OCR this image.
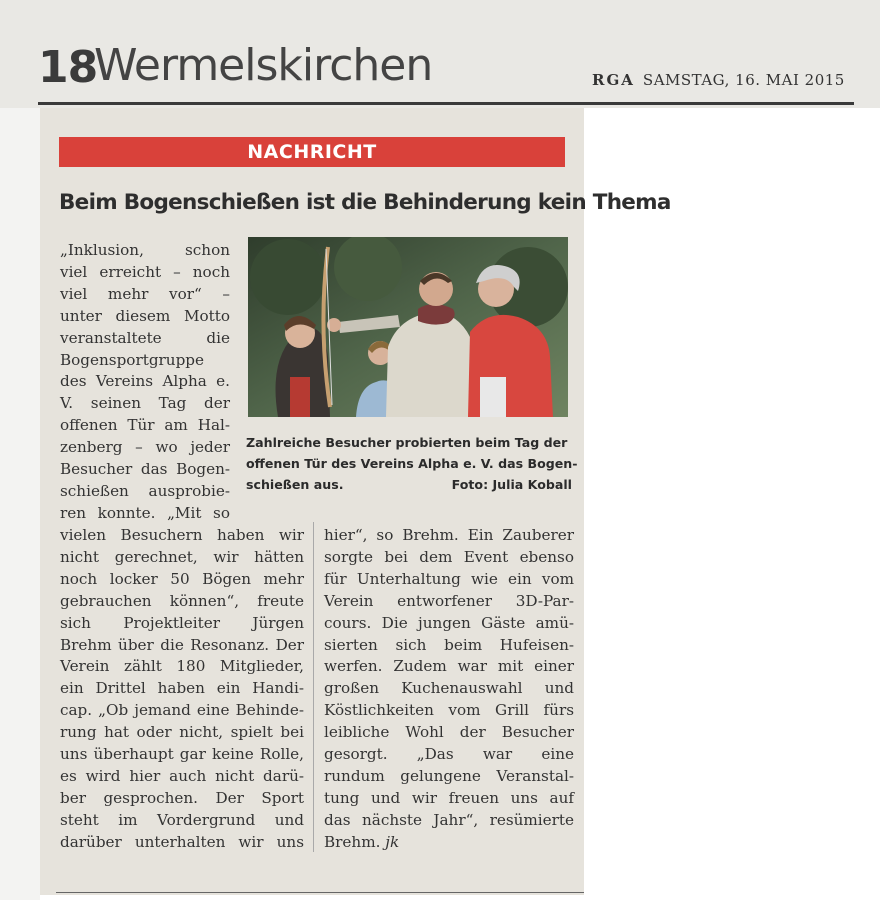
18
Wermelskirchen	RGA SAMSTAG, 16. MAI 2015
NACHRICHT
Beim Bogenschießen ist die Behinderung kein Thema
„Inklusion, schon
viel erreicht – noch
viel mehr vor“ –
unter diesem Motto
veranstaltete die
Bogensportgruppe
des Vereins Alpha e.
V. seinen Tag der
offenen Tür am Hal-
zenberg – wo jeder
Besucher das Bogen-
schießen ausprobie-
ren konnte. „Mit so
Zahlreiche Besucher probierten beim Tag der
offenen Tür des Vereins Alpha e. V. das Bogen-
schießen aus.	Foto: Julia Koball
vielen Besuchern haben wir
nicht gerechnet, wir hätten
noch locker 50 Bögen mehr
gebrauchen können“, freute
sich Projektleiter Jürgen
Brehm über die Resonanz. Der
Verein zählt 180 Mitglieder,
ein Drittel haben ein Handi-
cap. „Ob jemand eine Behinde-
rung hat oder nicht, spielt bei
uns überhaupt gar keine Rolle,
es wird hier auch nicht darü-
ber gesprochen. Der Sport
steht im Vordergrund und
darüber unterhalten wir uns
hier“, so Brehm. Ein Zauberer
sorgte bei dem Event ebenso
für Unterhaltung wie ein vom
Verein entworfener 3D-Par-
cours. Die jungen Gäste amü-
sierten sich beim Hufeisen-
werfen. Zudem war mit einer
großen Kuchenauswahl und
Köstlichkeiten vom Grill fürs
leibliche Wohl der Besucher
gesorgt. „Das war eine
rundum gelungene Veranstal-
tung und wir freuen uns auf
das nächste Jahr“, resümierte
Brehm. jk
